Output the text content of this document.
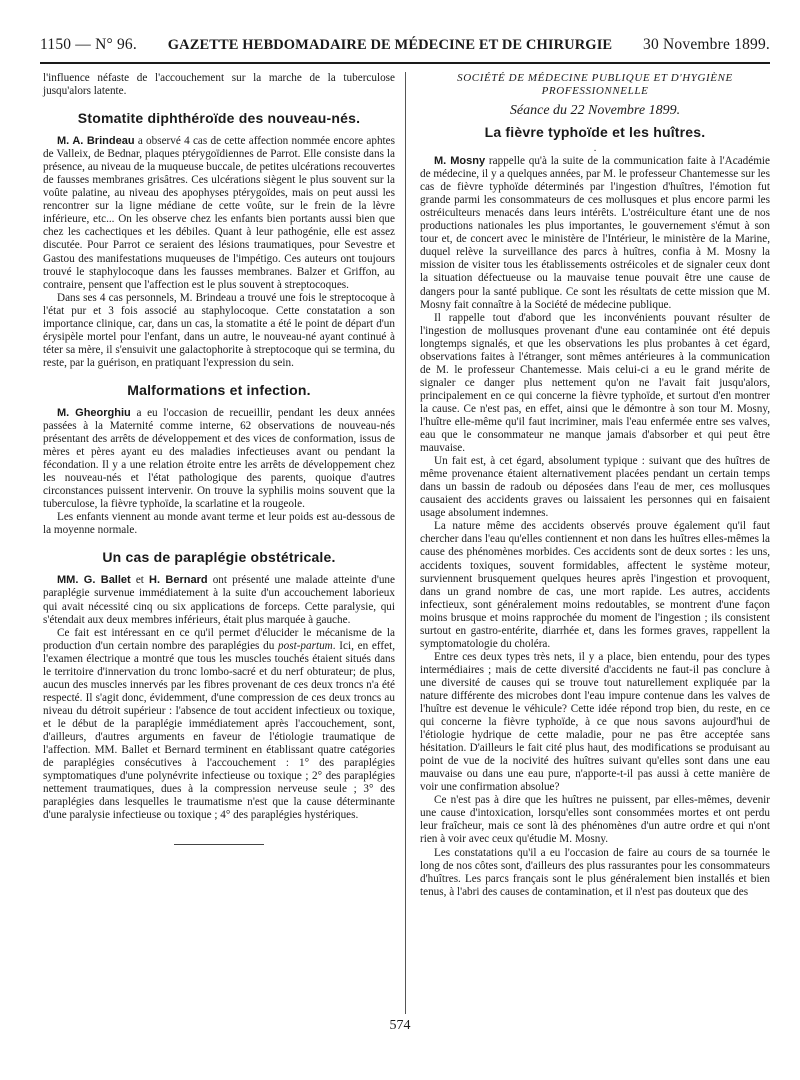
1150 — N° 96. GAZETTE HEBDOMADAIRE DE MÉDECINE ET DE CHIRURGIE 30 Novembre 1899.

l'influence néfaste de l'accouchement sur la marche de la tuberculose jusqu'alors latente.

Stomatite diphthéroïde des nouveau-nés.

M. A. Brindeau a observé 4 cas de cette affection nommée encore aphtes de Valleix, de Bednar, plaques ptérygoïdiennes de Parrot. Elle consiste dans la présence, au niveau de la muqueuse buccale, de petites ulcérations recouvertes de fausses membranes grisâtres. Ces ulcérations siègent le plus souvent sur la voûte palatine, au niveau des apophyses ptérygoïdes, mais on peut aussi les rencontrer sur la ligne médiane de cette voûte, sur le frein de la lèvre inférieure, etc... On les observe chez les enfants bien portants aussi bien que chez les cachectiques et les débiles. Quant à leur pathogénie, elle est assez discutée. Pour Parrot ce seraient des lésions traumatiques, pour Sevestre et Gastou des manifestations muqueuses de l'impétigo. Ces auteurs ont toujours trouvé le staphylocoque dans les fausses membranes. Balzer et Griffon, au contraire, pensent que l'affection est le plus souvent à streptocoques.

Dans ses 4 cas personnels, M. Brindeau a trouvé une fois le streptocoque à l'état pur et 3 fois associé au staphylocoque. Cette constatation a son importance clinique, car, dans un cas, la stomatite a été le point de départ d'un érysipèle mortel pour l'enfant, dans un autre, le nouveau-né ayant continué à téter sa mère, il s'ensuivit une galactophorite à streptocoque qui se termina, du reste, par la guérison, en pratiquant l'expression du sein.

Malformations et infection.

M. Gheorghiu a eu l'occasion de recueillir, pendant les deux années passées à la Maternité comme interne, 62 observations de nouveau-nés présentant des arrêts de développement et des vices de conformation, issus de mères et pères ayant eu des maladies infectieuses avant ou pendant la fécondation. Il y a une relation étroite entre les arrêts de développement chez les nouveau-nés et l'état pathologique des parents, quoique d'autres circonstances puissent intervenir. On trouve la syphilis moins souvent que la tuberculose, la fièvre typhoïde, la scarlatine et la rougeole.

Les enfants viennent au monde avant terme et leur poids est au-dessous de la moyenne normale.

Un cas de paraplégie obstétricale.

MM. G. Ballet et H. Bernard ont présenté une malade atteinte d'une paraplégie survenue immédiatement à la suite d'un accouchement laborieux qui avait nécessité cinq ou six applications de forceps. Cette paralysie, qui s'étendait aux deux membres inférieurs, était plus marquée à gauche.

Ce fait est intéressant en ce qu'il permet d'élucider le mécanisme de la production d'un certain nombre des paraplégies du post-partum. Ici, en effet, l'examen électrique a montré que tous les muscles touchés étaient situés dans le territoire d'innervation du tronc lombo-sacré et du nerf obturateur; de plus, aucun des muscles innervés par les fibres provenant de ces deux troncs n'a été respecté. Il s'agit donc, évidemment, d'une compression de ces deux troncs au niveau du détroit supérieur : l'absence de tout accident infectieux ou toxique, et le début de la paraplégie immédiatement après l'accouchement, sont, d'ailleurs, d'autres arguments en faveur de l'étiologie traumatique de l'affection. MM. Ballet et Bernard terminent en établissant quatre catégories de paraplégies consécutives à l'accouchement : 1° des paraplégies symptomatiques d'une polynévrite infectieuse ou toxique ; 2° des paraplégies nettement traumatiques, dues à la compression nerveuse seule ; 3° des paraplégies dans lesquelles le traumatisme n'est que la cause déterminante d'une paralysie infectieuse ou toxique ; 4° des paraplégies hystériques.

SOCIÉTÉ DE MÉDECINE PUBLIQUE ET D'HYGIÈNE PROFESSIONNELLE
Séance du 22 Novembre 1899.
La fièvre typhoïde et les huîtres.
·

M. Mosny rappelle qu'à la suite de la communication faite à l'Académie de médecine, il y a quelques années, par M. le professeur Chantemesse sur les cas de fièvre typhoïde déterminés par l'ingestion d'huîtres, l'émotion fut grande parmi les consommateurs de ces mollusques et plus encore parmi les ostréiculteurs menacés dans leurs intérêts. L'ostréiculture étant une de nos productions nationales les plus importantes, le gouvernement s'émut à son tour et, de concert avec le ministère de l'Intérieur, le ministère de la Marine, duquel relève la surveillance des parcs à huîtres, confia à M. Mosny la mission de visiter tous les établissements ostréicoles et de signaler ceux dont la situation défectueuse ou la mauvaise tenue pouvait être une cause de dangers pour la santé publique. Ce sont les résultats de cette mission que M. Mosny fait connaître à la Société de médecine publique.

Il rappelle tout d'abord que les inconvénients pouvant résulter de l'ingestion de mollusques provenant d'une eau contaminée ont été depuis longtemps signalés, et que les observations les plus probantes à cet égard, observations faites à l'étranger, sont mêmes antérieures à la communication de M. le professeur Chantemesse. Mais celui-ci a eu le grand mérite de signaler ce danger plus nettement qu'on ne l'avait fait jusqu'alors, principalement en ce qui concerne la fièvre typhoïde, et surtout d'en montrer la cause. Ce n'est pas, en effet, ainsi que le démontre à son tour M. Mosny, l'huître elle-même qu'il faut incriminer, mais l'eau enfermée entre ses valves, eau que le consommateur ne manque jamais d'absorber et qui peut être mauvaise.

Un fait est, à cet égard, absolument typique : suivant que des huîtres de même provenance étaient alternativement placées pendant un certain temps dans un bassin de radoub ou déposées dans l'eau de mer, ces mollusques causaient des accidents graves ou laissaient les personnes qui en faisaient usage absolument indemnes.

La nature même des accidents observés prouve également qu'il faut chercher dans l'eau qu'elles contiennent et non dans les huîtres elles-mêmes la cause des phénomènes morbides. Ces accidents sont de deux sortes : les uns, accidents toxiques, souvent formidables, affectent le système moteur, surviennent brusquement quelques heures après l'ingestion et provoquent, dans un grand nombre de cas, une mort rapide. Les autres, accidents infectieux, sont généralement moins redoutables, se montrent d'une façon moins brusque et moins rapprochée du moment de l'ingestion ; ils consistent surtout en gastro-entérite, diarrhée et, dans les formes graves, rappellent la symptomatologie du choléra.

Entre ces deux types très nets, il y a place, bien entendu, pour des types intermédiaires ; mais de cette diversité d'accidents ne faut-il pas conclure à une diversité de causes qui se trouve tout naturellement expliquée par la nature différente des microbes dont l'eau impure contenue dans les valves de l'huître est devenue le véhicule? Cette idée répond trop bien, du reste, en ce qui concerne la fièvre typhoïde, à ce que nous savons aujourd'hui de l'étiologie hydrique de cette maladie, pour ne pas être acceptée sans hésitation. D'ailleurs le fait cité plus haut, des modifications se produisant au point de vue de la nocivité des huîtres suivant qu'elles sont dans une eau mauvaise ou dans une eau pure, n'apporte-t-il pas aussi à cette manière de voir une confirmation absolue?

Ce n'est pas à dire que les huîtres ne puissent, par elles-mêmes, devenir une cause d'intoxication, lorsqu'elles sont consommées mortes et ont perdu leur fraîcheur, mais ce sont là des phénomènes d'un autre ordre et qui n'ont rien à voir avec ceux qu'étudie M. Mosny.

Les constatations qu'il a eu l'occasion de faire au cours de sa tournée le long de nos côtes sont, d'ailleurs des plus rassurantes pour les consommateurs d'huîtres. Les parcs français sont le plus généralement bien installés et bien tenus, à l'abri des causes de contamination, et il n'est pas douteux que des

574
